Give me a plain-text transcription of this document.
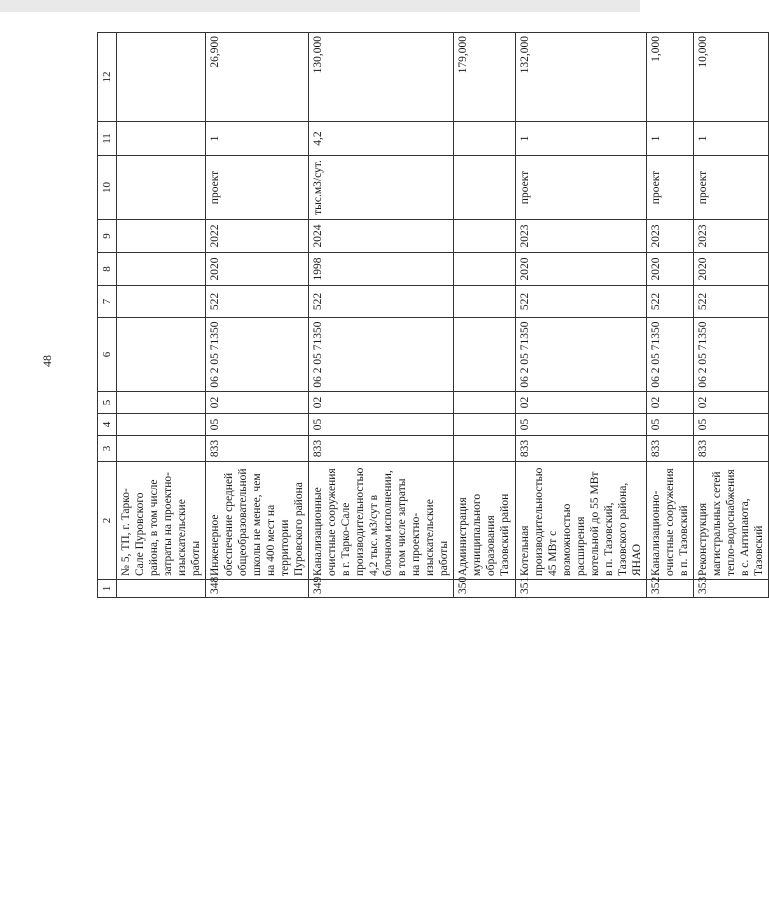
48
1	2	3	4	5	6	7	8	9	10	11	12
	№ 5, ТП, г. Тарко-Сале Пуровского района, в том числе затраты на проектно-изыскательские работы										
348	Инженерное обеспечение средней общеобразовательной школы не менее, чем на 400 мест на территории Пуровского района	833	05	02	06 2 05 71350	522	2020	2022	проект	1	26,900
349	Канализационные очистные сооружения в г. Тарко-Сале производительностью 4,2 тыс. м3/сут в блочном исполнении, в том числе затраты на проектно-изыскательские работы	833	05	02	06 2 05 71350	522	1998	2024	тыс.м3/сут.	4,2	130,000
350	Администрация муниципального образования Тазовский район										179,000
351	Котельная производительностью 45 МВт с возможностью расширения котельной до 55 МВт в п. Тазовский, Тазовского района, ЯНАО	833	05	02	06 2 05 71350	522	2020	2023	проект	1	132,000
352	Канализационно-очистные сооружения в п. Тазовский	833	05	02	06 2 05 71350	522	2020	2023	проект	1	1,000
353	Реконструкция магистральных сетей тепло-водоснабжения в с. Антипаюта, Тазовский	833	05	02	06 2 05 71350	522	2020	2023	проект	1	10,000
